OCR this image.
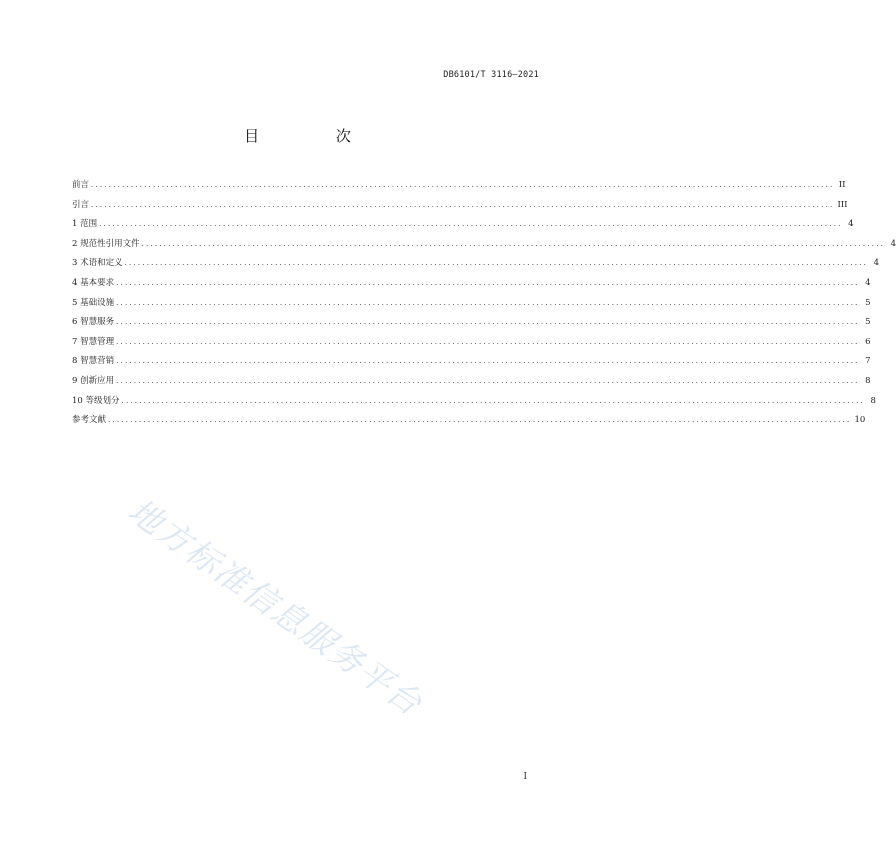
DB6101/T 3116—2021
目 次
前言 ........................................................................................................................................................................ II
引言 ........................................................................................................................................................................ III
1 范围 ........................................................................................................................................................................ 4
2 规范性引用文件 ........................................................................................................................................................................ 4
3 术语和定义 ........................................................................................................................................................................ 4
4 基本要求 ........................................................................................................................................................................ 4
5 基础设施 ........................................................................................................................................................................ 5
6 智慧服务 ........................................................................................................................................................................ 5
7 智慧管理 ........................................................................................................................................................................ 6
8 智慧营销 ........................................................................................................................................................................ 7
9 创新应用 ........................................................................................................................................................................ 8
10 等级划分 ........................................................................................................................................................................ 8
参考文献 ........................................................................................................................................................................ 10
地方标准信息服务平台
I
